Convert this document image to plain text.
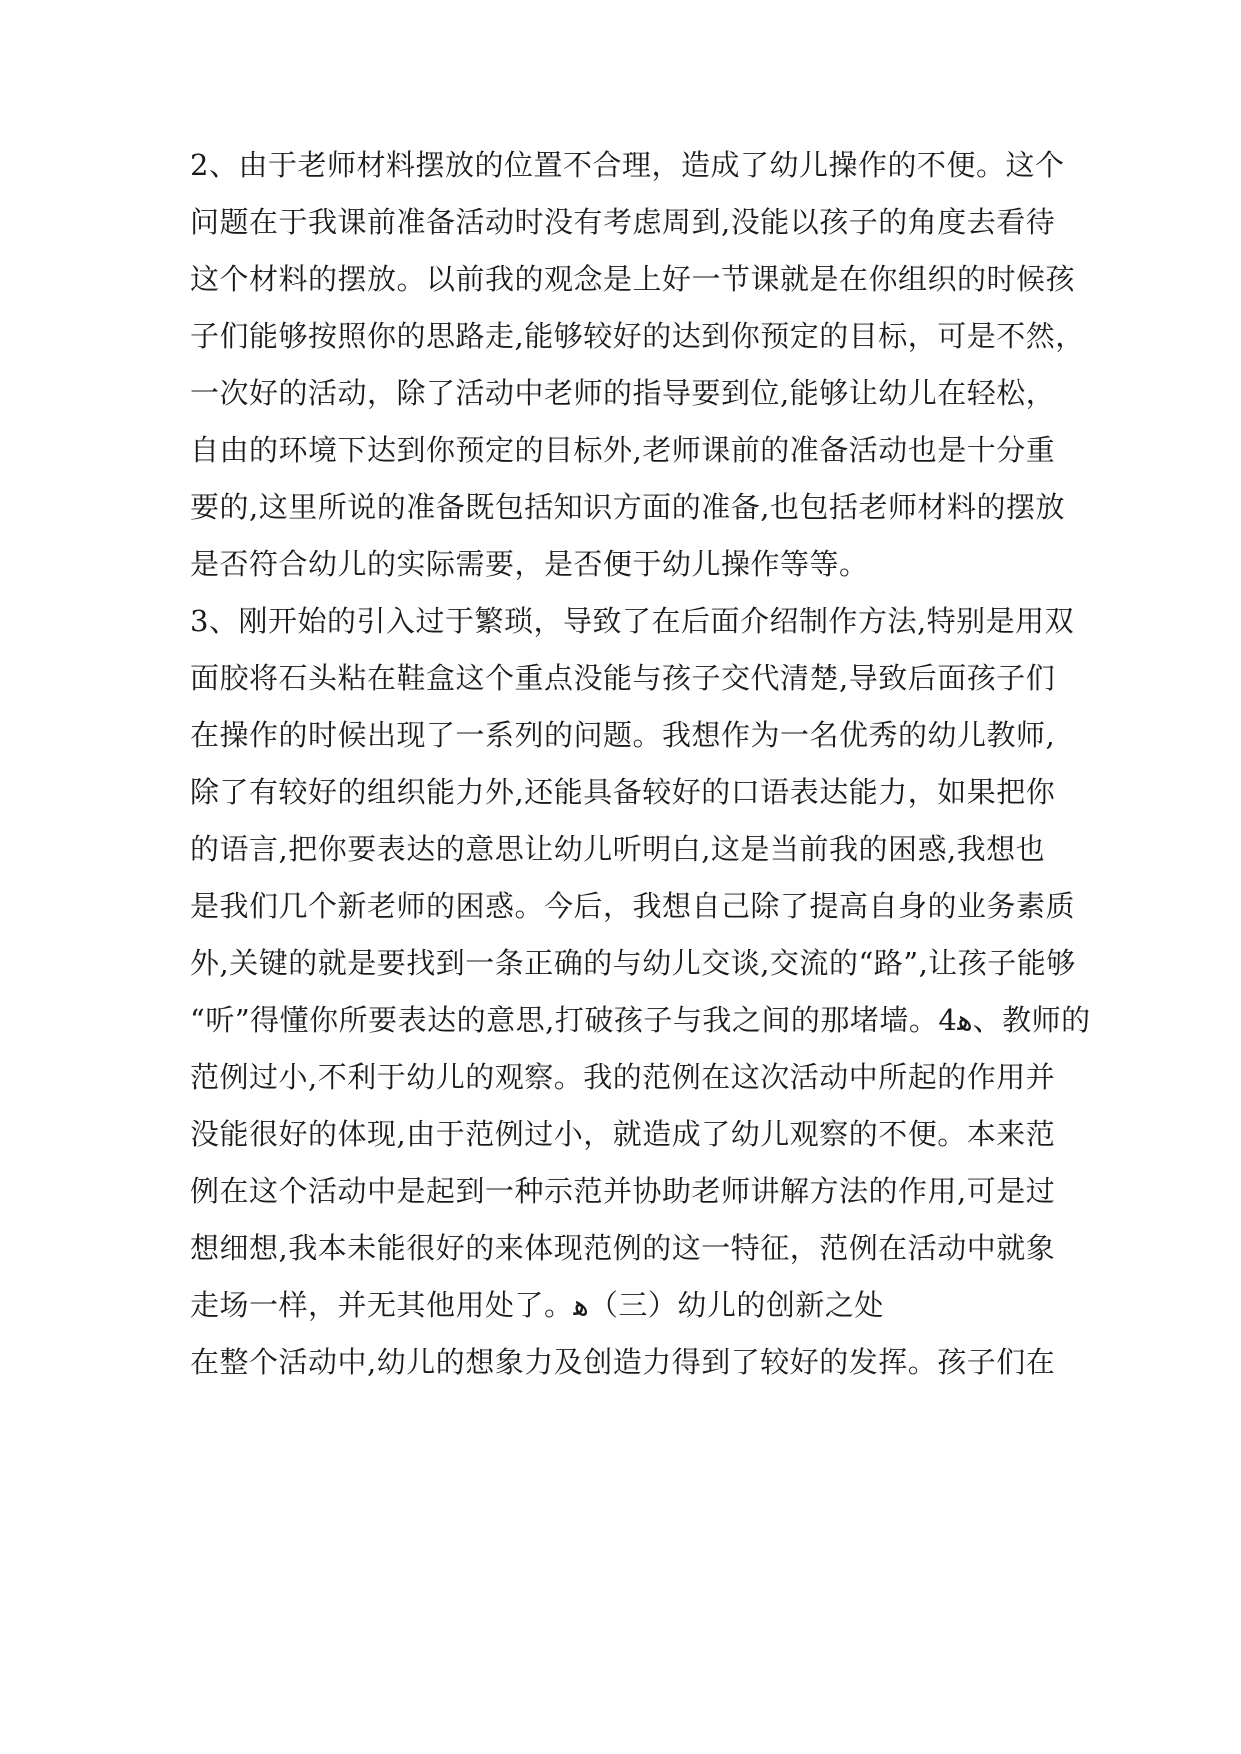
2、由于老师材料摆放的位置不合理，造成了幼儿操作的不便。这个
问题在于我课前准备活动时没有考虑周到,没能以孩子的角度去看待
这个材料的摆放。以前我的观念是上好一节课就是在你组织的时候孩
子们能够按照你的思路走,能够较好的达到你预定的目标，可是不然，
一次好的活动，除了活动中老师的指导要到位,能够让幼儿在轻松，
自由的环境下达到你预定的目标外,老师课前的准备活动也是十分重
要的,这里所说的准备既包括知识方面的准备,也包括老师材料的摆放
是否符合幼儿的实际需要，是否便于幼儿操作等等。
3、刚开始的引入过于繁琐，导致了在后面介绍制作方法,特别是用双
面胶将石头粘在鞋盒这个重点没能与孩子交代清楚,导致后面孩子们
在操作的时候出现了一系列的问题。我想作为一名优秀的幼儿教师,
除了有较好的组织能力外,还能具备较好的口语表达能力，如果把你
的语言,把你要表达的意思让幼儿听明白,这是当前我的困惑,我想也
是我们几个新老师的困惑。今后，我想自己除了提高自身的业务素质
外,关键的就是要找到一条正确的与幼儿交谈,交流的“路”,让孩子能够
“听”得懂你所要表达的意思,打破孩子与我之间的那堵墙。4ﻫ、教师的
范例过小,不利于幼儿的观察。我的范例在这次活动中所起的作用并
没能很好的体现,由于范例过小，就造成了幼儿观察的不便。本来范
例在这个活动中是起到一种示范并协助老师讲解方法的作用,可是过
想细想,我本未能很好的来体现范例的这一特征，范例在活动中就象
走场一样，并无其他用处了。ﻫ（三）幼儿的创新之处
在整个活动中,幼儿的想象力及创造力得到了较好的发挥。孩子们在
